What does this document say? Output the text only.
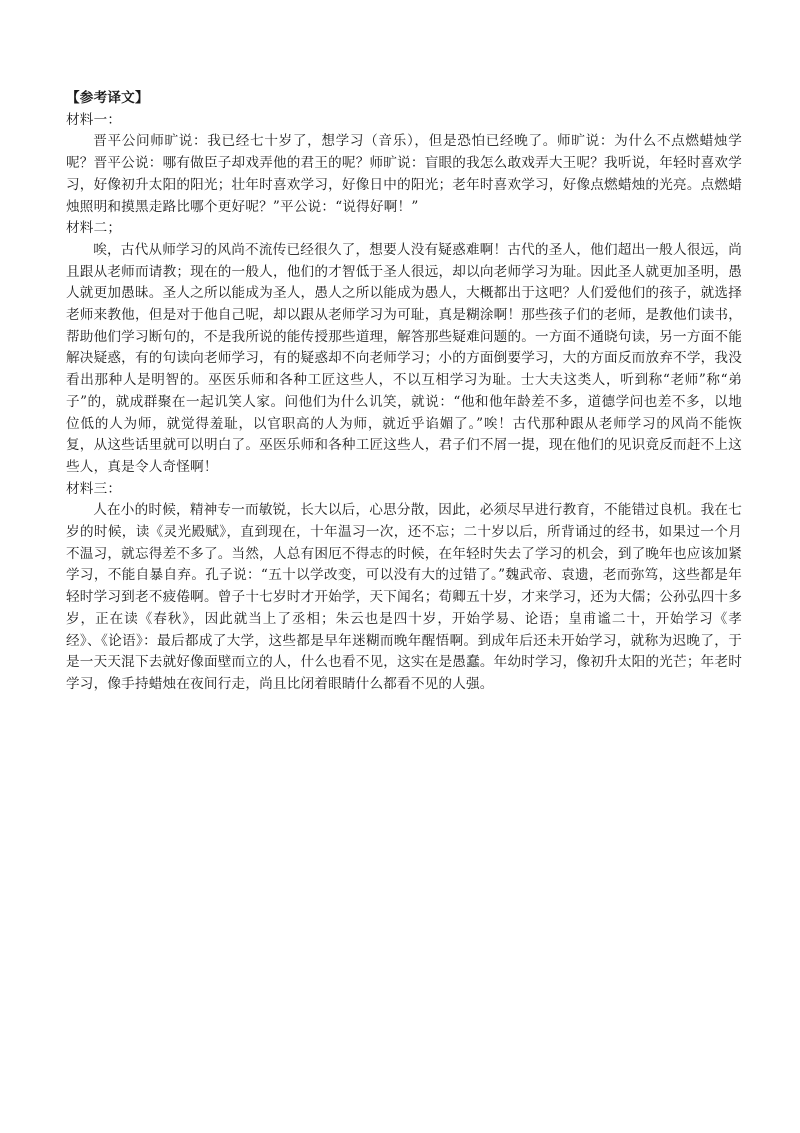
【参考译文】

材料一：

晋平公问师旷说：我已经七十岁了，想学习（音乐），但是恐怕已经晚了。师旷说：为什么不点燃蜡烛学呢？晋平公说：哪有做臣子却戏弄他的君王的呢？师旷说：盲眼的我怎么敢戏弄大王呢？我听说，年轻时喜欢学习，好像初升太阳的阳光；壮年时喜欢学习，好像日中的阳光；老年时喜欢学习，好像点燃蜡烛的光亮。点燃蜡烛照明和摸黑走路比哪个更好呢？”平公说：“说得好啊！”

材料二；

唉，古代从师学习的风尚不流传已经很久了，想要人没有疑惑难啊！古代的圣人，他们超出一般人很远，尚且跟从老师而请教；现在的一般人，他们的才智低于圣人很远，却以向老师学习为耻。因此圣人就更加圣明，愚人就更加愚昧。圣人之所以能成为圣人，愚人之所以能成为愚人，大概都出于这吧？人们爱他们的孩子，就选择老师来教他，但是对于他自己呢，却以跟从老师学习为可耻，真是糊涂啊！那些孩子们的老师，是教他们读书，帮助他们学习断句的，不是我所说的能传授那些道理，解答那些疑难问题的。一方面不通晓句读，另一方面不能解决疑惑，有的句读向老师学习，有的疑惑却不向老师学习；小的方面倒要学习，大的方面反而放弃不学，我没看出那种人是明智的。巫医乐师和各种工匠这些人，不以互相学习为耻。士大夫这类人，听到称“老师”称“弟子”的，就成群聚在一起讥笑人家。问他们为什么讥笑，就说：“他和他年龄差不多，道德学问也差不多，以地位低的人为师，就觉得羞耻，以官职高的人为师，就近乎谄媚了。”唉！古代那种跟从老师学习的风尚不能恢复，从这些话里就可以明白了。巫医乐师和各种工匠这些人，君子们不屑一提，现在他们的见识竟反而赶不上这些人，真是令人奇怪啊！

材料三：

人在小的时候，精神专一而敏锐，长大以后，心思分散，因此，必须尽早进行教育，不能错过良机。我在七岁的时候，读《灵光殿赋》，直到现在，十年温习一次，还不忘；二十岁以后，所背诵过的经书，如果过一个月不温习，就忘得差不多了。当然，人总有困厄不得志的时候，在年轻时失去了学习的机会，到了晚年也应该加紧学习，不能自暴自弃。孔子说：“五十以学改变，可以没有大的过错了。”魏武帝、袁遗，老而弥笃，这些都是年轻时学习到老不疲倦啊。曾子十七岁时才开始学，天下闻名；荀卿五十岁，才来学习，还为大儒；公孙弘四十多岁，正在读《春秋》，因此就当上了丞相；朱云也是四十岁，开始学易、论语；皇甫谧二十，开始学习《孝经》、《论语》：最后都成了大学，这些都是早年迷糊而晚年醒悟啊。到成年后还未开始学习，就称为迟晚了，于是一天天混下去就好像面壁而立的人，什么也看不见，这实在是愚蠢。年幼时学习，像初升太阳的光芒；年老时学习，像手持蜡烛在夜间行走，尚且比闭着眼睛什么都看不见的人强。
